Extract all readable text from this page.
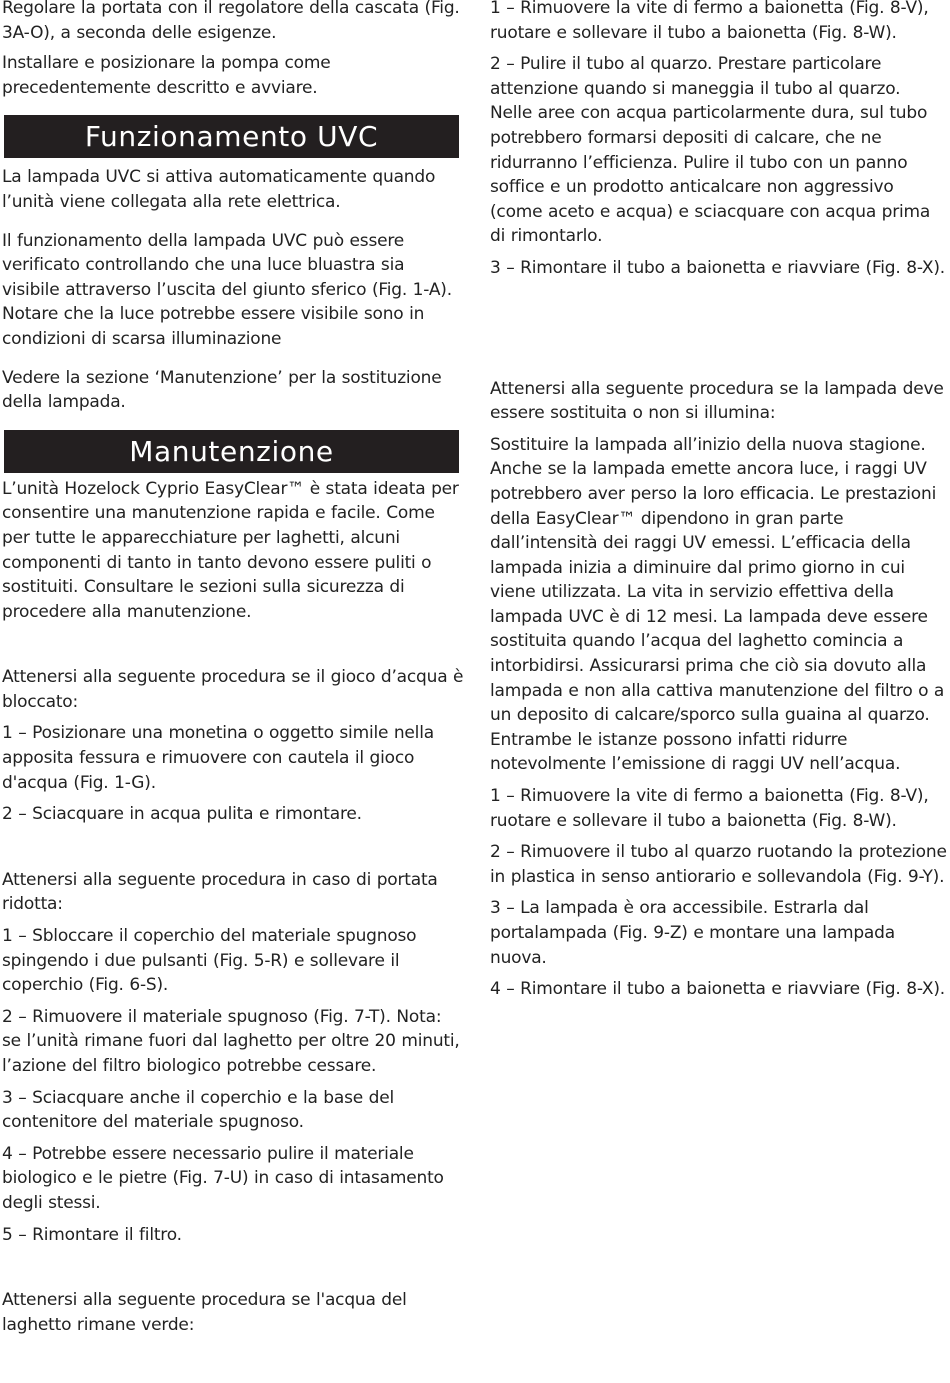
Regolare la portata con il regolatore della cascata (Fig. 3A-O), a seconda delle esigenze.

Installare e posizionare la pompa come precedentemente descritto e avviare.

Funzionamento UVC

La lampada UVC si attiva automaticamente quando l’unità viene collegata alla rete elettrica.

Il funzionamento della lampada UVC può essere verificato controllando che una luce bluastra sia visibile attraverso l’uscita del giunto sferico (Fig. 1-A). Notare che la luce potrebbe essere visibile sono in condizioni di scarsa illuminazione

Vedere la sezione ‘Manutenzione’ per la sostituzione della lampada.

Manutenzione

L’unità Hozelock Cyprio EasyClear™ è stata ideata per consentire una manutenzione rapida e facile. Come per tutte le apparecchiature per laghetti, alcuni componenti di tanto in tanto devono essere puliti o sostituiti. Consultare le sezioni sulla sicurezza di procedere alla manutenzione.

Attenersi alla seguente procedura se il gioco d’acqua è bloccato:

1 – Posizionare una monetina o oggetto simile nella apposita fessura e rimuovere con cautela il gioco d'acqua (Fig. 1-G).

2 – Sciacquare in acqua pulita e rimontare.

Attenersi alla seguente procedura in caso di portata ridotta:

1 – Sbloccare il coperchio del materiale spugnoso spingendo i due pulsanti (Fig. 5-R) e sollevare il coperchio (Fig. 6-S).

2 – Rimuovere il materiale spugnoso (Fig. 7-T). Nota: se l’unità rimane fuori dal laghetto per oltre 20 minuti, l’azione del filtro biologico potrebbe cessare.

3 – Sciacquare anche il coperchio e la base del contenitore del materiale spugnoso.

4 – Potrebbe essere necessario pulire il materiale biologico e le pietre (Fig. 7-U) in caso di intasamento degli stessi.

5 – Rimontare il filtro.

Attenersi alla seguente procedura se l'acqua del laghetto rimane verde:

1 – Rimuovere la vite di fermo a baionetta (Fig. 8-V), ruotare e sollevare il tubo a baionetta (Fig. 8-W).

2 – Pulire il tubo al quarzo. Prestare particolare attenzione quando si maneggia il tubo al quarzo. Nelle aree con acqua particolarmente dura, sul tubo potrebbero formarsi depositi di calcare, che ne ridurranno l’efficienza. Pulire il tubo con un panno soffice e un prodotto anticalcare non aggressivo (come aceto e acqua) e sciacquare con acqua prima di rimontarlo.

3 – Rimontare il tubo a baionetta e riavviare (Fig. 8-X).

Attenersi alla seguente procedura se la lampada deve essere sostituita o non si illumina:

Sostituire la lampada all’inizio della nuova stagione. Anche se la lampada emette ancora luce, i raggi UV potrebbero aver perso la loro efficacia. Le prestazioni della EasyClear™ dipendono in gran parte dall’intensità dei raggi UV emessi. L’efficacia della lampada inizia a diminuire dal primo giorno in cui viene utilizzata. La vita in servizio effettiva della lampada UVC è di 12 mesi. La lampada deve essere sostituita quando l’acqua del laghetto comincia a intorbidirsi. Assicurarsi prima che ciò sia dovuto alla lampada e non alla cattiva manutenzione del filtro o a un deposito di calcare/sporco sulla guaina al quarzo. Entrambe le istanze possono infatti ridurre notevolmente l’emissione di raggi UV nell’acqua.

1 – Rimuovere la vite di fermo a baionetta (Fig. 8-V), ruotare e sollevare il tubo a baionetta (Fig. 8-W).

2 – Rimuovere il tubo al quarzo ruotando la protezione in plastica in senso antiorario e sollevandola (Fig. 9-Y).

3 – La lampada è ora accessibile. Estrarla dal portalampada (Fig. 9-Z) e montare una lampada nuova.

4 – Rimontare il tubo a baionetta e riavviare (Fig. 8-X).
